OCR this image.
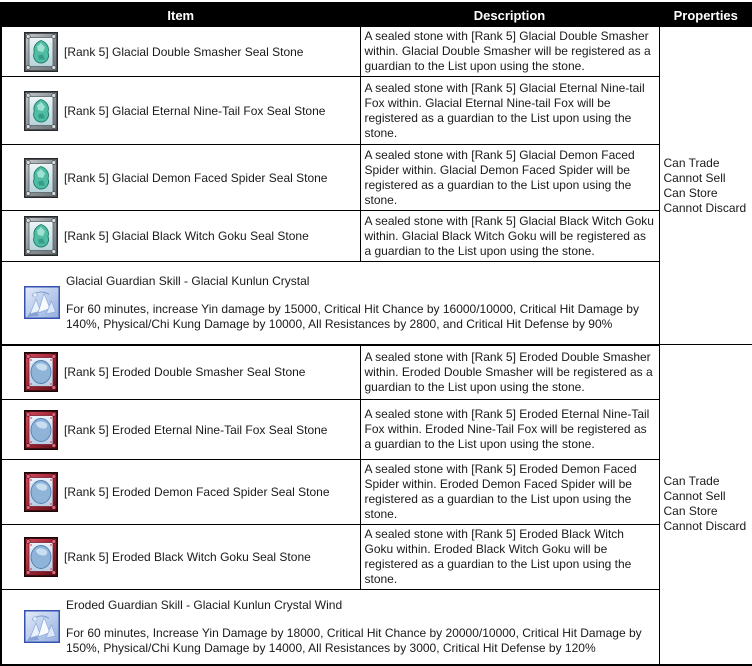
Item	Description	Properties

[Rank 5] Glacial Double Smasher Seal Stone	A sealed stone with [Rank 5] Glacial Double Smasher within. Glacial Double Smasher will be registered as a guardian to the List upon using the stone.	Can Trade
Cannot Sell
Can Store
Cannot Discard

[Rank 5] Glacial Eternal Nine-Tail Fox Seal Stone	A sealed stone with [Rank 5] Glacial Eternal Nine-tail Fox within. Glacial Eternal Nine-tail Fox will be registered as a guardian to the List upon using the stone.	

[Rank 5] Glacial Demon Faced Spider Seal Stone	A sealed stone with [Rank 5] Glacial Demon Faced Spider within. Glacial Demon Faced Spider will be registered as a guardian to the List upon using the stone.	

[Rank 5] Glacial Black Witch Goku Seal Stone	A sealed stone with [Rank 5] Glacial Black Witch Goku within. Glacial Black Witch Goku will be registered as a guardian to the List upon using the stone.	

Glacial Guardian Skill - Glacial Kunlun Crystal
For 60 minutes, increase Yin damage by 15000, Critical Hit Chance by 16000/10000, Critical Hit Damage by 140%, Physical/Chi Kung Damage by 10000, All Resistances by 2800, and Critical Hit Defense by 90%		

[Rank 5] Eroded Double Smasher Seal Stone	A sealed stone with [Rank 5] Eroded Double Smasher within. Eroded Double Smasher will be registered as a guardian to the List upon using the stone.	Can Trade
Cannot Sell
Can Store
Cannot Discard

[Rank 5] Eroded Eternal Nine-Tail Fox Seal Stone	A sealed stone with [Rank 5] Eroded Eternal Nine-Tail Fox within. Eroded Nine-Tail Fox will be registered as a guardian to the List upon using the stone.	

[Rank 5] Eroded Demon Faced Spider Seal Stone	A sealed stone with [Rank 5] Eroded Demon Faced Spider within. Eroded Demon Faced Spider will be registered as a guardian to the List upon using the stone.	

[Rank 5] Eroded Black Witch Goku Seal Stone	A sealed stone with [Rank 5] Eroded Black Witch Goku within. Eroded Black Witch Goku will be registered as a guardian to the List upon using the stone.	

Eroded Guardian Skill - Glacial Kunlun Crystal Wind
For 60 minutes, Increase Yin Damage by 18000, Critical Hit Chance by 20000/10000, Critical Hit Damage by 150%, Physical/Chi Kung Damage by 14000, All Resistances by 3000, Critical Hit Defense by 120%		
